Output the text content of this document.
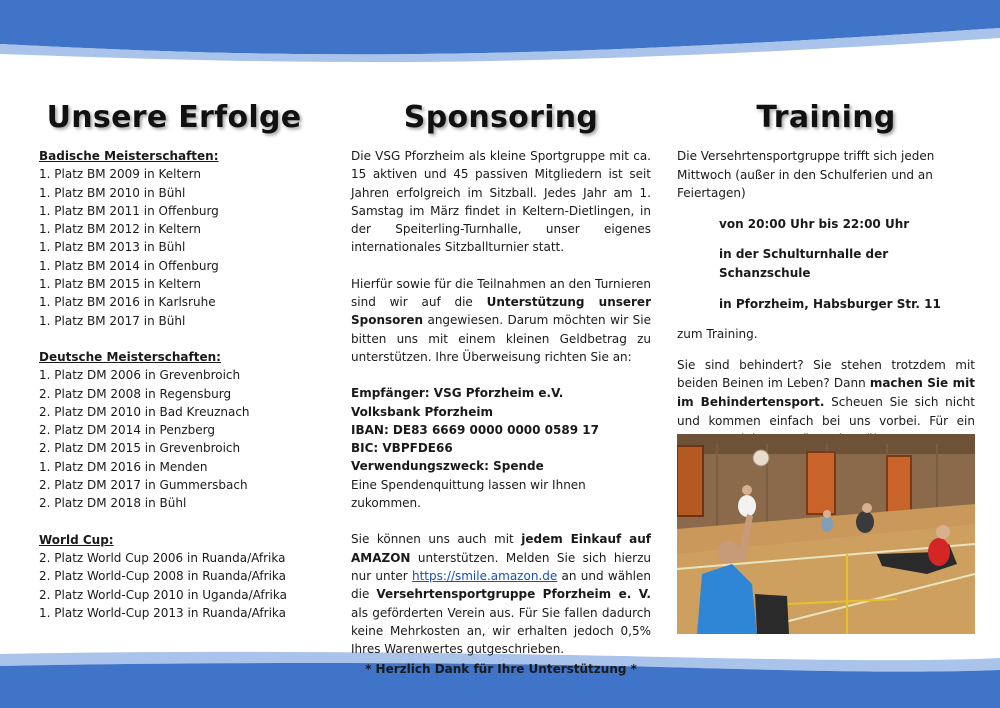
Unsere Erfolge
Badische Meisterschaften:
1. Platz BM 2009 in Keltern
1. Platz BM 2010 in Bühl
1. Platz BM 2011 in Offenburg
1. Platz BM 2012 in Keltern
1. Platz BM 2013 in Bühl
1. Platz BM 2014 in Offenburg
1. Platz BM 2015 in Keltern
1. Platz BM 2016 in Karlsruhe
1. Platz BM 2017 in Bühl
Deutsche Meisterschaften:
1. Platz DM 2006 in Grevenbroich
2. Platz DM 2008 in Regensburg
2. Platz DM 2010 in Bad Kreuznach
2. Platz DM 2014 in Penzberg
2. Platz DM 2015 in Grevenbroich
1. Platz DM 2016 in Menden
2. Platz DM 2017 in Gummersbach
2. Platz DM 2018 in Bühl
World Cup:
2. Platz World Cup 2006 in Ruanda/Afrika
2. Platz World-Cup 2008 in Ruanda/Afrika
2. Platz World-Cup 2010 in Uganda/Afrika
1. Platz World-Cup 2013 in Ruanda/Afrika
Sponsoring

Die VSG Pforzheim als kleine Sportgruppe mit ca. 15 aktiven und 45 passiven Mitgliedern ist seit Jahren erfolgreich im Sitzball. Jedes Jahr am 1. Samstag im März findet in Keltern-Dietlingen, in der Speiterling-Turnhalle, unser eigenes internationales Sitzballturnier statt.

Hierfür sowie für die Teilnahmen an den Turnieren sind wir auf die Unterstützung unserer Sponsoren angewiesen. Darum möchten wir Sie bitten uns mit einem kleinen Geldbetrag zu unterstützen. Ihre Überweisung richten Sie an:

Empfänger: VSG Pforzheim e.V.
Volksbank Pforzheim
IBAN: DE83 6669 0000 0000 0589 17
BIC: VBPFDE66
Verwendungszweck: Spende
Eine Spendenquittung lassen wir Ihnen zukommen.

Sie können uns auch mit jedem Einkauf auf AMAZON unterstützen. Melden Sie sich hierzu nur unter https://smile.amazon.de an und wählen die Versehrtensportgruppe Pforzheim e. V. als geförderten Verein aus. Für Sie fallen dadurch keine Mehrkosten an, wir erhalten jedoch 0,5% Ihres Warenwertes gutgeschrieben.

* Herzlich Dank für Ihre Unterstützung *

Training

Die Versehrtensportgruppe trifft sich jeden Mittwoch (außer in den Schulferien und an Feiertagen)

von 20:00 Uhr bis 22:00 Uhr

in der Schulturnhalle der Schanzschule

in Pforzheim, Habsburger Str. 11

zum Training.

Sie sind behindert? Sie stehen trotzdem mit beiden Beinen im Leben? Dann machen Sie mit im Behindertensport. Scheuen Sie sich nicht und kommen einfach bei uns vorbei. Für ein
